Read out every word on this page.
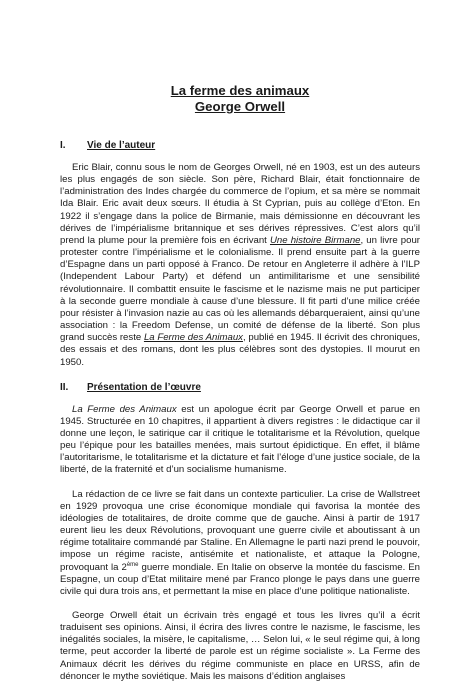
La ferme des animaux
George Orwell
I.	Vie de l’auteur

Eric Blair, connu sous le nom de Georges Orwell, né en 1903, est un des auteurs les plus engagés de son siècle. Son père, Richard Blair, était fonctionnaire de l’administration des Indes chargée du commerce de l’opium, et sa mère se nommait Ida Blair. Eric avait deux sœurs. Il étudia à St Cyprian, puis au collège d’Eton. En 1922 il s’engage dans la police de Birmanie, mais démissionne en découvrant les dérives de l’impérialisme britannique et ses dérives répressives. C’est alors qu’il prend la plume pour la première fois en écrivant Une histoire Birmane, un livre pour protester contre l’impérialisme et le colonialisme. Il prend ensuite part à la guerre d’Espagne dans un parti opposé à Franco. De retour en Angleterre il adhère à l’ILP (Independent Labour Party) et défend un antimilitarisme et une sensibilité révolutionnaire. Il combattit ensuite le fascisme et le nazisme mais ne put participer à la seconde guerre mondiale à cause d’une blessure. Il fit parti d’une milice créée pour résister à l’invasion nazie au cas où les allemands débarqueraient, ainsi qu’une association : la Freedom Defense, un comité de défense de la liberté. Son plus grand succès reste La Ferme des Animaux, publié en 1945. Il écrivit des chroniques, des essais et des romans, dont les plus célèbres sont des dystopies. Il mourut en 1950.

II.	Présentation de l’œuvre

La Ferme des Animaux est un apologue écrit par George Orwell et parue en 1945. Structurée en 10 chapitres, il appartient à divers registres : le didactique car il donne une leçon, le satirique car il critique le totalitarisme et la Révolution, quelque peu l’épique pour les batailles menées, mais surtout épidictique. En effet, il blâme l’autoritarisme, le totalitarisme et la dictature et fait l’éloge d’une justice sociale, de la liberté, de la fraternité et d’un socialisme humanisme.

La rédaction de ce livre se fait dans un contexte particulier. La crise de Wallstreet en 1929 provoqua une crise économique mondiale qui favorisa la montée des idéologies de totalitaires, de droite comme que de gauche. Ainsi à partir de 1917 eurent lieu les deux Révolutions, provoquant une guerre civile et aboutissant à un régime totalitaire commandé par Staline. En Allemagne le parti nazi prend le pouvoir, impose un régime raciste, antisémite et nationaliste, et attaque la Pologne, provoquant la 2ème guerre mondiale. En Italie on observe la montée du fascisme. En Espagne, un coup d’Etat militaire mené par Franco plonge le pays dans une guerre civile qui dura trois ans, et permettant la mise en place d’une politique nationaliste.

George Orwell était un écrivain très engagé et tous les livres qu’il a écrit traduisent ses opinions. Ainsi, il écrira des livres contre le nazisme, le fascisme, les inégalités sociales, la misère, le capitalisme, … Selon lui, « le seul régime qui, à long terme, peut accorder la liberté de parole est un régime socialiste ». La Ferme des Animaux décrit les dérives du régime communiste en place en URSS, afin de dénoncer le mythe soviétique. Mais les maisons d’édition anglaises
